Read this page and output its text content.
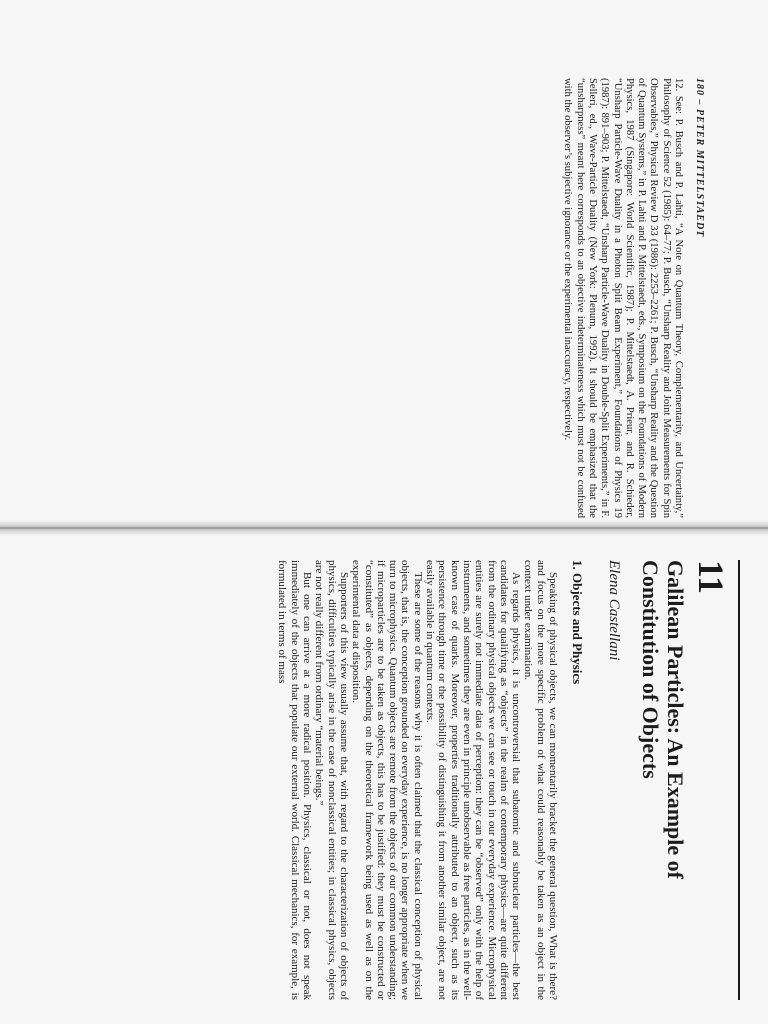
180 – PETER MITTELSTAEDT

12. See: P. Busch and P. Lahti, “A Note on Quantum Theory, Complementarity, and Uncertainty,” Philosophy of Science 52 (1985): 64–77; P. Busch, “Unsharp Reality and Joint Measurements for Spin Observables,” Physical Review D 33 (1986): 2253–2261; P. Busch, “Unsharp Reality and the Question of Quantum Systems,” in P. Lahti and P. Mittelstaedt, eds., Symposium on the Foundations of Modern Physics, 1987 (Singapore: World Scientific, 1987); P. Mittelstaedt, A. Prieur, and R. Schieder, “Unsharp Particle-Wave Duality in a Photon Split Beam Experiment,” Foundations of Physics 19 (1987): 891–903; P. Mittelstaedt, “Unsharp Particle-Wave Duality in Double-Split Experiments,” in F. Selleri, ed., Wave-Particle Duality (New York: Plenum, 1992). It should be emphasized that the “unsharpness” meant here corresponds to an objective indeterminateness which must not be confused with the observer’s subjective ignorance or the experimental inaccuracy, respectively.

11
Galilean Particles: An Example of Constitution of Objects
Elena Castellani
1. Objects and Physics

Speaking of physical objects, we can momentarily bracket the general question, What is there? and focus on the more specific problem of what could reasonably be taken as an object in the context under examination.

As regards physics, it is uncontroversial that subatomic and subnuclear particles—the best candidates for qualifying as “objects” in the realm of contemporary physics—are quite different from the ordinary physical objects we can see or touch in our everyday experience. Microphysical entities are surely not immediate data of perception: they can be “observed” only with the help of instruments, and sometimes they are even in principle unobservable as free particles, as in the well-known case of quarks. Moreover, properties traditionally attributed to an object, such as its persistence through time or the possibility of distinguishing it from another similar object, are not easily available in quantum contexts.

These are some of the reasons why it is often claimed that the classical conception of physical objects, that is, the conception grounded on everyday experience, is no longer appropriate when we turn to microphysics. Quantum objects are remote from the objects of our common understanding; if microparticles are to be taken as objects, this has to be justified: they must be constructed or “constituted” as objects, depending on the theoretical framework being used as well as on the experimental data at disposition.

Supporters of this view usually assume that, with regard to the characterization of objects of physics, difficulties typically arise in the case of nonclassical entities; in classical physics, objects are not really different from ordinary “material beings.”

But one can arrive at a more radical position. Physics, classical or not, does not speak immediately of the objects that populate our external world. Classical mechanics, for example, is formulated in terms of mass
